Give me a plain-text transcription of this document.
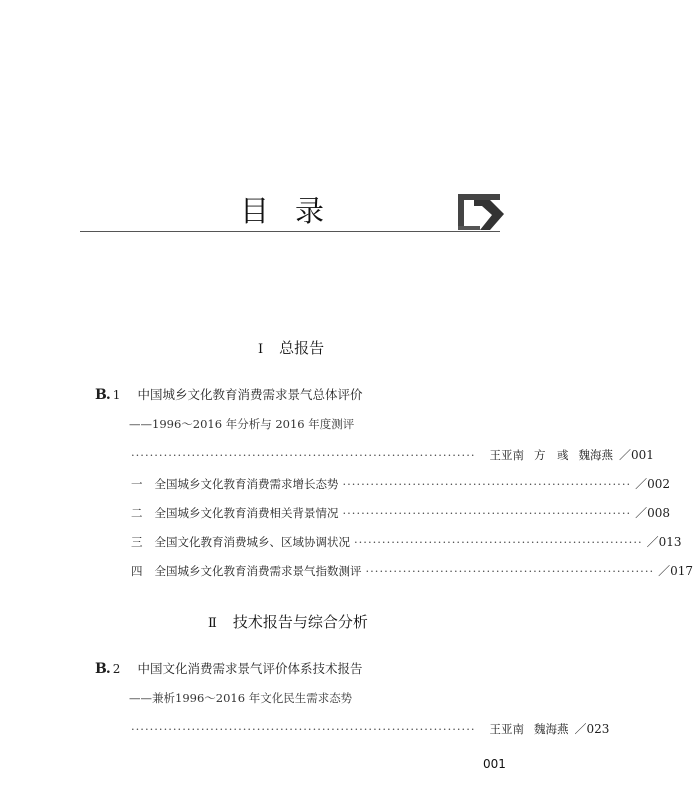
目录
Ⅰ 总报告
B. 1 中国城乡文化教育消费需求景气总体评价
——1996～2016 年分析与 2016 年度测评
··········································································	王亚南 方　彧 魏海燕 ／001
一 全国城乡文化教育消费需求增长态势 ······························································ ／002
二 全国城乡文化教育消费相关背景情况 ······························································ ／008
三 全国文化教育消费城乡、区域协调状况 ······························································ ／013
四 全国城乡文化教育消费需求景气指数测评 ······························································ ／017
Ⅱ 技术报告与综合分析
B. 2 中国文化消费需求景气评价体系技术报告
——兼析1996～2016 年文化民生需求态势
··········································································	王亚南 魏海燕 ／023
001
